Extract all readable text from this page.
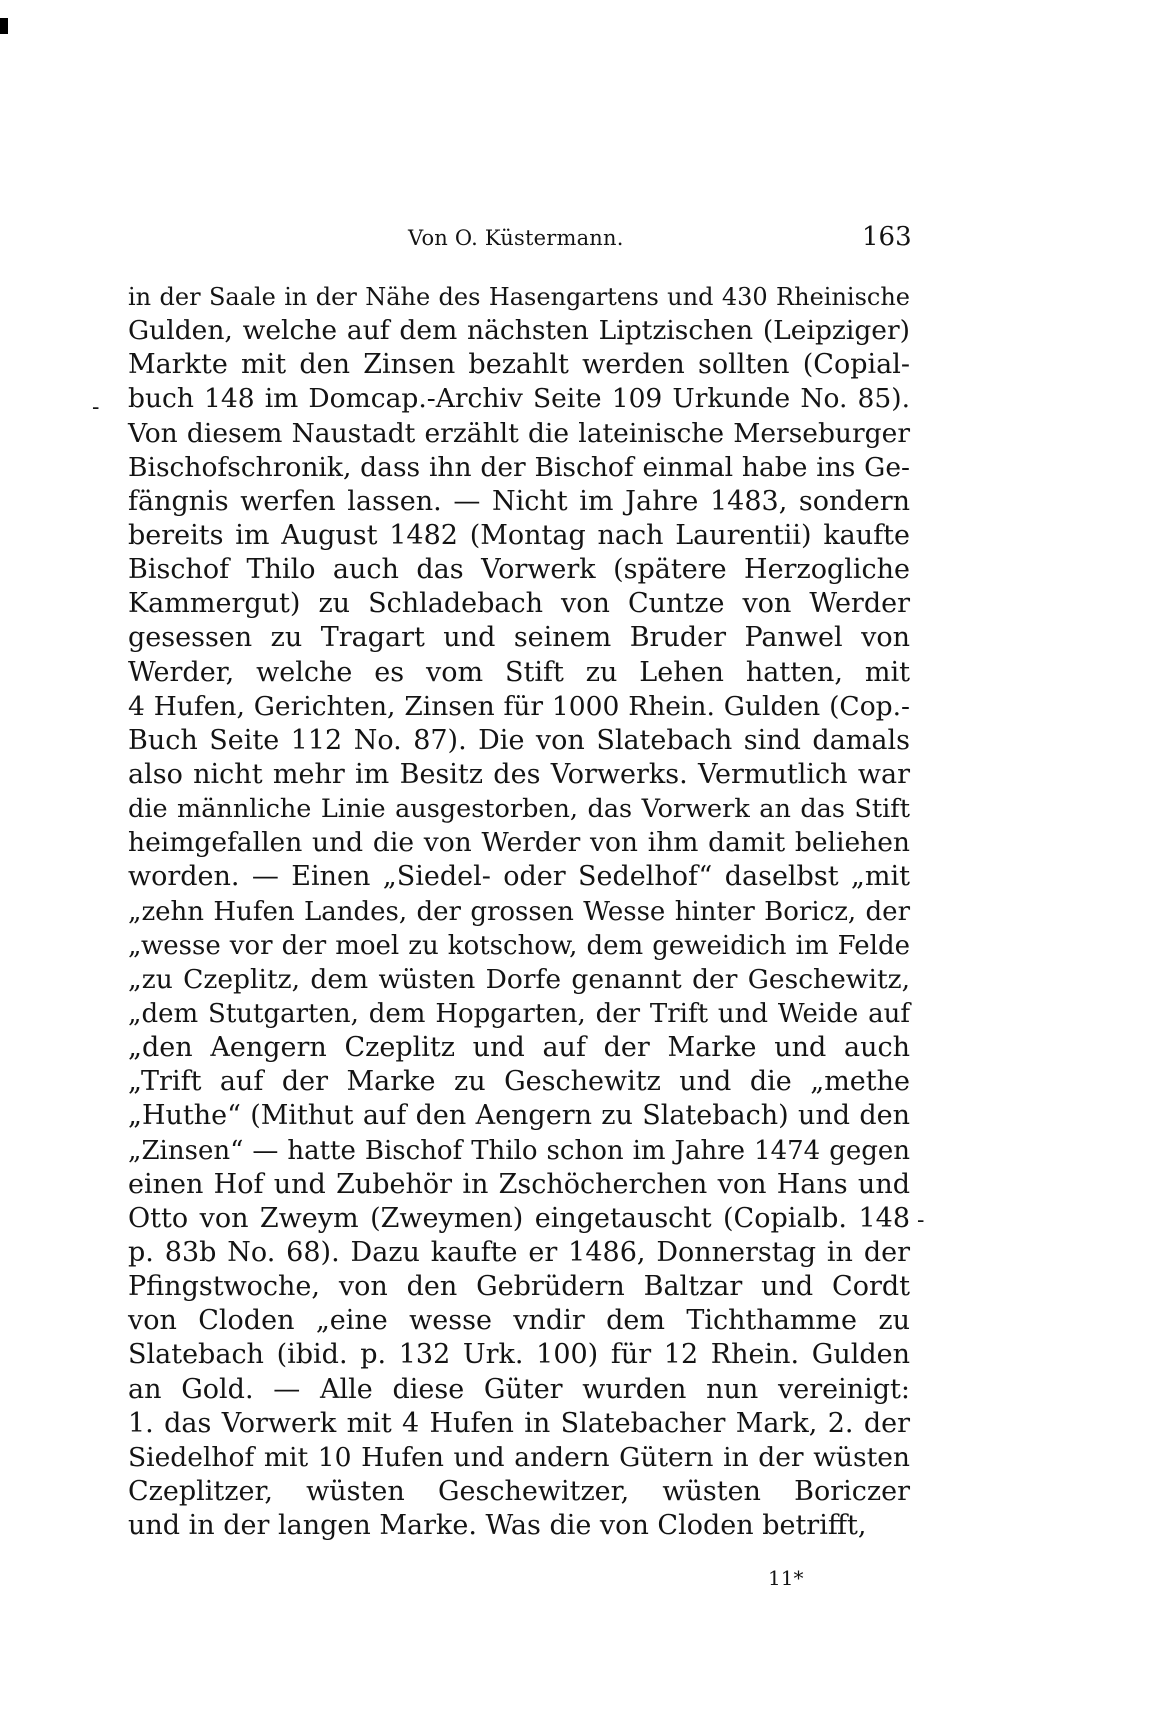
Von O. Küstermann.	163
-
-
in der Saale in der Nähe des Hasengartens und 430 Rheinische
Gulden, welche auf dem nächsten Liptzischen (Leipziger)
Markte mit den Zinsen bezahlt werden sollten (Copial-
buch 148 im Domcap.-Archiv Seite 109 Urkunde No. 85).
Von diesem Naustadt erzählt die lateinische Merseburger
Bischofschronik, dass ihn der Bischof einmal habe ins Ge-
fängnis werfen lassen. — Nicht im Jahre 1483, sondern
bereits im August 1482 (Montag nach Laurentii) kaufte
Bischof Thilo auch das Vorwerk (spätere Herzogliche
Kammergut) zu Schladebach von Cuntze von Werder
gesessen zu Tragart und seinem Bruder Panwel von
Werder, welche es vom Stift zu Lehen hatten, mit
4 Hufen, Gerichten, Zinsen für 1000 Rhein. Gulden (Cop.-
Buch Seite 112 No. 87). Die von Slatebach sind damals
also nicht mehr im Besitz des Vorwerks. Vermutlich war
die männliche Linie ausgestorben, das Vorwerk an das Stift
heimgefallen und die von Werder von ihm damit beliehen
worden. — Einen „Siedel- oder Sedelhof“ daselbst „mit
„zehn Hufen Landes, der grossen Wesse hinter Boricz, der
„wesse vor der moel zu kotschow, dem geweidich im Felde
„zu Czeplitz, dem wüsten Dorfe genannt der Geschewitz,
„dem Stutgarten, dem Hopgarten, der Trift und Weide auf
„den Aengern Czeplitz und auf der Marke und auch
„Trift auf der Marke zu Geschewitz und die „methe
„Huthe“ (Mithut auf den Aengern zu Slatebach) und den
„Zinsen“ — hatte Bischof Thilo schon im Jahre 1474 gegen
einen Hof und Zubehör in Zschöcherchen von Hans und
Otto von Zweym (Zweymen) eingetauscht (Copialb. 148
p. 83b No. 68). Dazu kaufte er 1486, Donnerstag in der
Pfingstwoche, von den Gebrüdern Baltzar und Cordt
von Cloden „eine wesse vndir dem Tichthamme zu
Slatebach (ibid. p. 132 Urk. 100) für 12 Rhein. Gulden
an Gold. — Alle diese Güter wurden nun vereinigt:
1. das Vorwerk mit 4 Hufen in Slatebacher Mark, 2. der
Siedelhof mit 10 Hufen und andern Gütern in der wüsten
Czeplitzer, wüsten Geschewitzer, wüsten Boriczer
und in der langen Marke. Was die von Cloden betrifft,
11*
